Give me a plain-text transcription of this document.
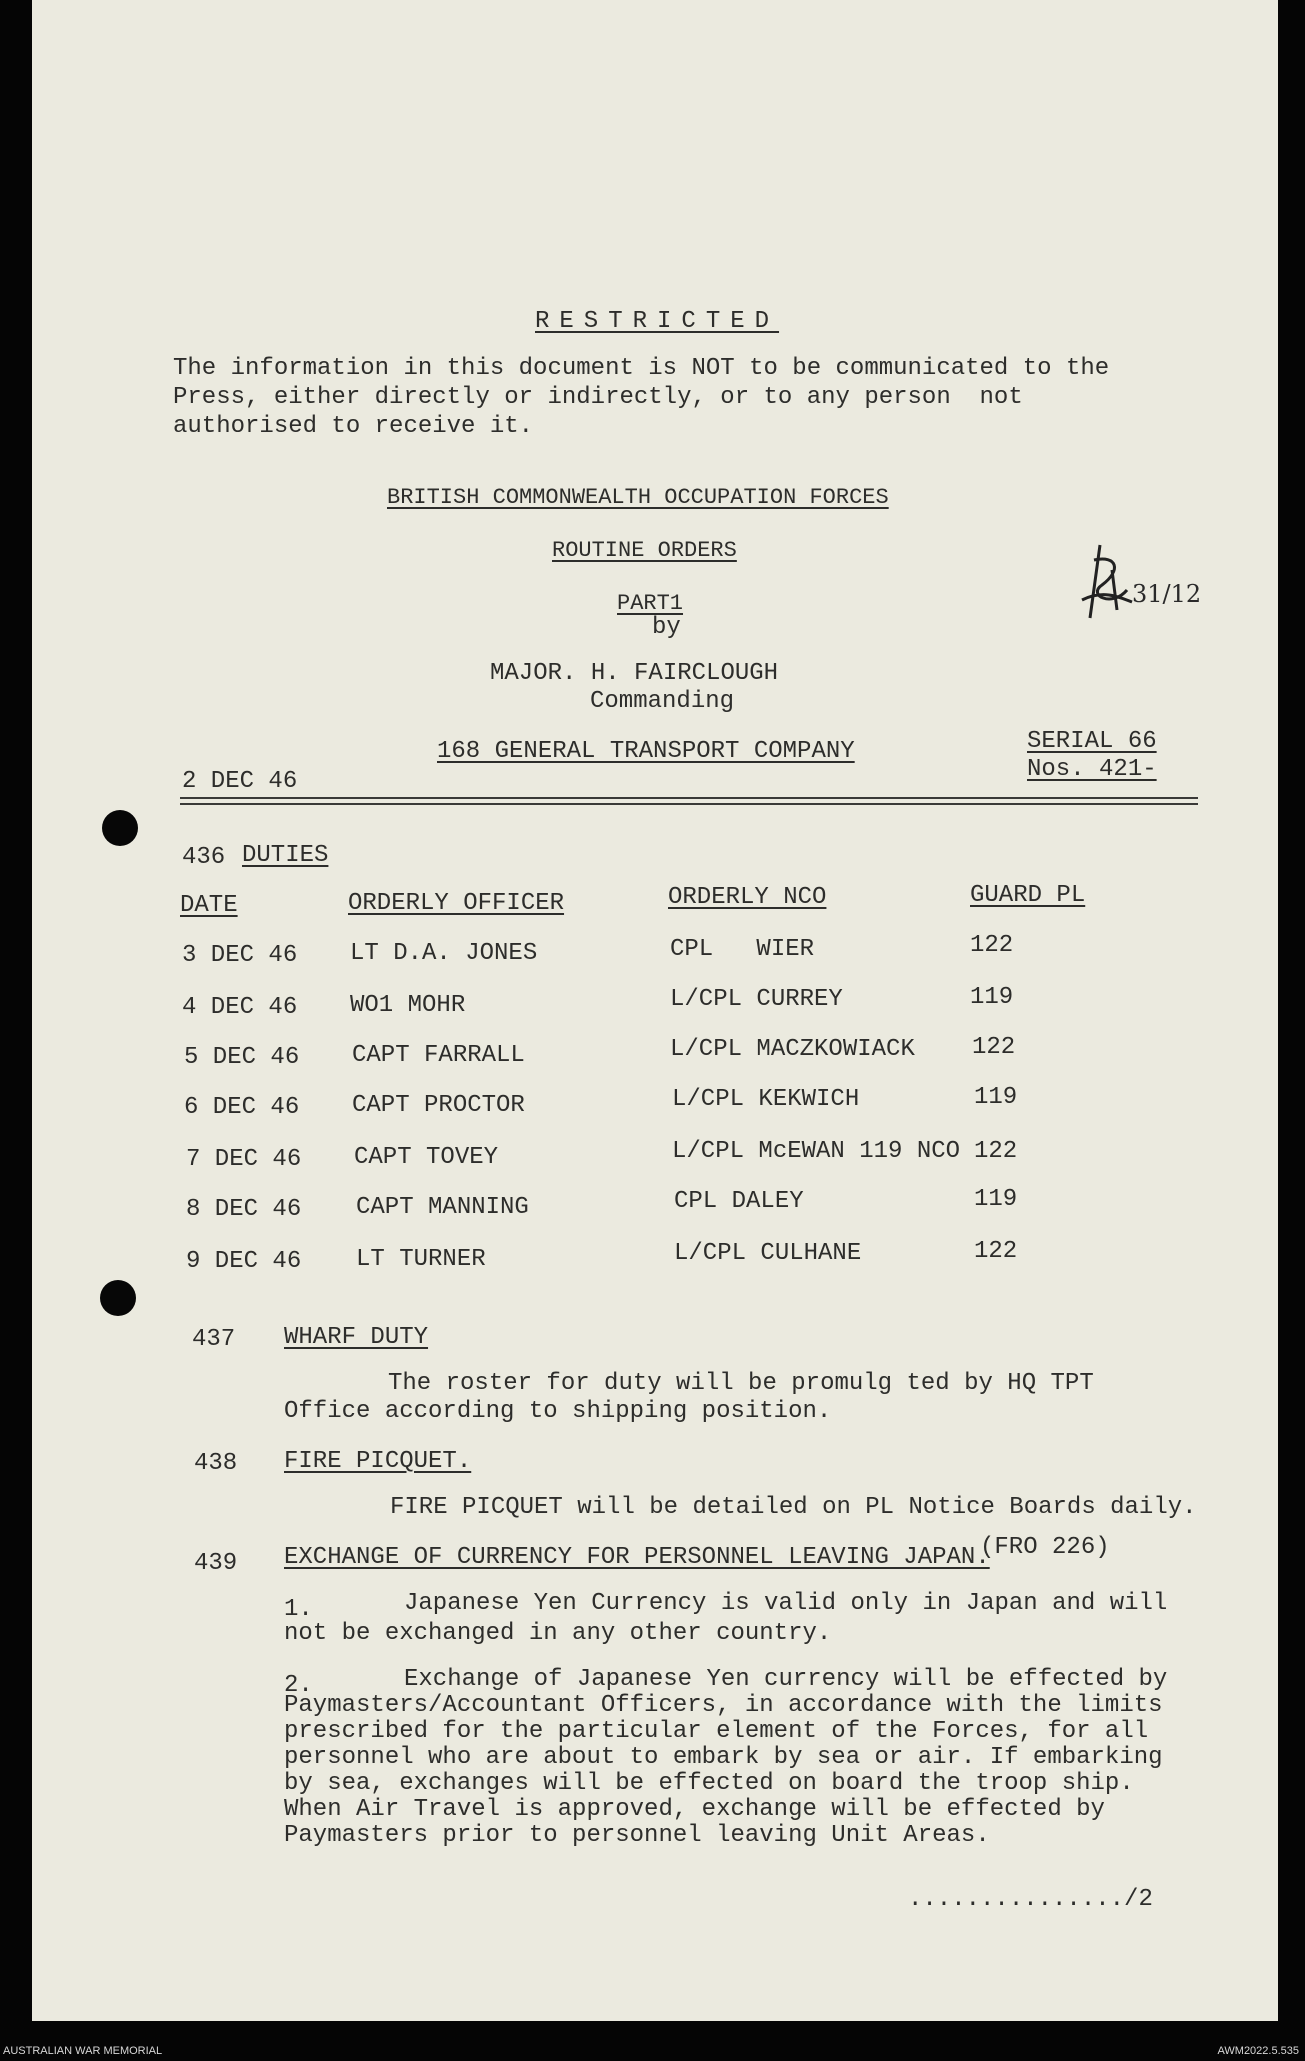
RESTRICTED
The information in this document is NOT to be communicated to the
Press, either directly or indirectly, or to any person  not
authorised to receive it.
BRITISH COMMONWEALTH OCCUPATION FORCES
ROUTINE ORDERS
PART1
by
MAJOR. H. FAIRCLOUGH
Commanding
168 GENERAL TRANSPORT COMPANY	SERIAL 66
Nos. 421-
2 DEC 46
31/12
436 DUTIES
DATE	ORDERLY OFFICER	ORDERLY NCO	GUARD PL
3 DEC 46 LT D.A. JONES	CPL   WIER	122
4 DEC 46 WO1 MOHR	L/CPL CURREY	119
5 DEC 46 CAPT FARRALL	L/CPL MACZKOWIACK 122
6 DEC 46 CAPT PROCTOR	L/CPL KEKWICH	119
7 DEC 46 CAPT TOVEY	L/CPL McEWAN 119 NCO 122
8 DEC 46 CAPT MANNING	CPL DALEY	119
9 DEC 46 LT TURNER	L/CPL CULHANE	122
437 WHARF DUTY
The roster for duty will be promulg ted by HQ TPT
Office according to shipping position.
438 FIRE PICQUET.
FIRE PICQUET will be detailed on PL Notice Boards daily.
439 EXCHANGE OF CURRENCY FOR PERSONNEL LEAVING JAPAN.
(FRO 226)
1.	Japanese Yen Currency is valid only in Japan and will
not be exchanged in any other country.
2.	Exchange of Japanese Yen currency will be effected by
Paymasters/Accountant Officers, in accordance with the limits
prescribed for the particular element of the Forces, for all
personnel who are about to embark by sea or air. If embarking
by sea, exchanges will be effected on board the troop ship.
When Air Travel is approved, exchange will be effected by
Paymasters prior to personnel leaving Unit Areas.
.............../2
AUSTRALIAN WAR MEMORIAL	AWM2022.5.535
